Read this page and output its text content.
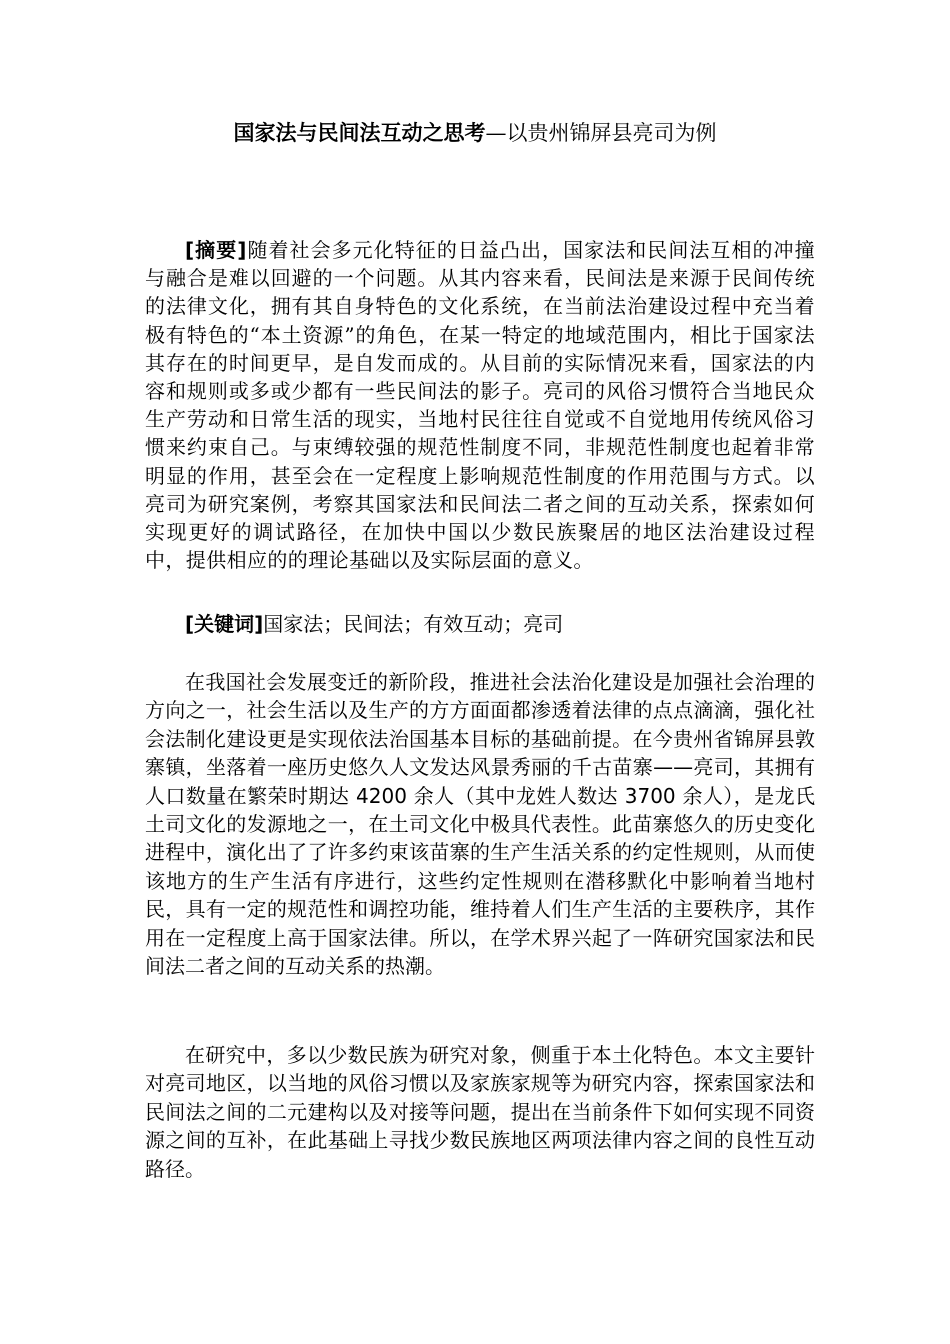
国家法与民间法互动之思考—以贵州锦屏县亮司为例

[摘要]随着社会多元化特征的日益凸出，国家法和民间法互相的冲撞与融合是难以回避的一个问题。从其内容来看，民间法是来源于民间传统的法律文化，拥有其自身特色的文化系统，在当前法治建设过程中充当着极有特色的“本土资源”的角色，在某一特定的地域范围内，相比于国家法其存在的时间更早，是自发而成的。从目前的实际情况来看，国家法的内容和规则或多或少都有一些民间法的影子。亮司的风俗习惯符合当地民众生产劳动和日常生活的现实，当地村民往往自觉或不自觉地用传统风俗习惯来约束自己。与束缚较强的规范性制度不同，非规范性制度也起着非常明显的作用，甚至会在一定程度上影响规范性制度的作用范围与方式。以亮司为研究案例，考察其国家法和民间法二者之间的互动关系，探索如何实现更好的调试路径，在加快中国以少数民族聚居的地区法治建设过程中，提供相应的的理论基础以及实际层面的意义。

[关键词]国家法；民间法；有效互动；亮司

在我国社会发展变迁的新阶段，推进社会法治化建设是加强社会治理的方向之一，社会生活以及生产的方方面面都渗透着法律的点点滴滴，强化社会法制化建设更是实现依法治国基本目标的基础前提。在今贵州省锦屏县敦寨镇，坐落着一座历史悠久人文发达风景秀丽的千古苗寨——亮司，其拥有人口数量在繁荣时期达 4200 余人（其中龙姓人数达 3700 余人），是龙氏土司文化的发源地之一，在土司文化中极具代表性。此苗寨悠久的历史变化进程中，演化出了了许多约束该苗寨的生产生活关系的约定性规则，从而使该地方的生产生活有序进行，这些约定性规则在潜移默化中影响着当地村民，具有一定的规范性和调控功能，维持着人们生产生活的主要秩序，其作用在一定程度上高于国家法律。所以，在学术界兴起了一阵研究国家法和民间法二者之间的互动关系的热潮。

在研究中，多以少数民族为研究对象，侧重于本土化特色。本文主要针对亮司地区，以当地的风俗习惯以及家族家规等为研究内容，探索国家法和民间法之间的二元建构以及对接等问题，提出在当前条件下如何实现不同资源之间的互补，在此基础上寻找少数民族地区两项法律内容之间的良性互动路径。
